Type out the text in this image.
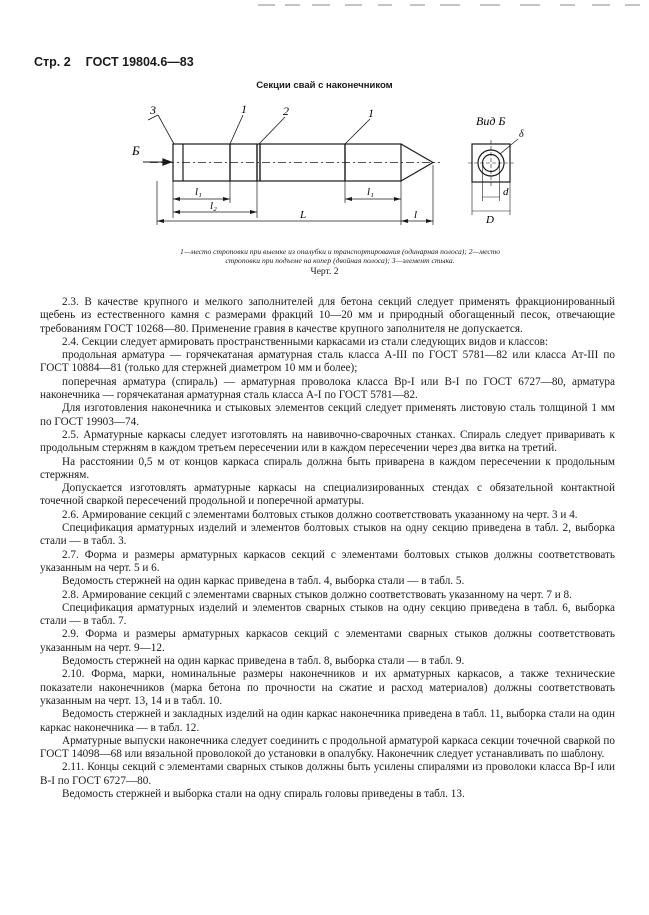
Стр. 2 ГОСТ 19804.6—83
Секции свай с наконечником
3	1	2	1
Б
l₁	l₁
l₂
L	l
Вид Б
δ
d
D
1—место строповки при выемке из опалубки и транспортирования (одинарная полоса); 2—место
строповки при подъеме на копер (двойная полоса); 3—элемент стыка.
Черт. 2

2.3. В качестве крупного и мелкого заполнителей для бетона секций следует применять фракционированный щебень из естественного камня с размерами фракций 10—20 мм и природный обогащенный песок, отвечающие требованиям ГОСТ 10268—80. Применение гравия в качестве крупного заполнителя не допускается.

2.4. Секции следует армировать пространственными каркасами из стали следующих видов и классов:

продольная арматура — горячекатаная арматурная сталь класса А-III по ГОСТ 5781—82 или класса Ат-III по ГОСТ 10884—81 (только для стержней диаметром 10 мм и более);

поперечная арматура (спираль) — арматурная проволока класса Вр-I или В-I по ГОСТ 6727—80, арматура наконечника — горячекатаная арматурная сталь класса А-I по ГОСТ 5781—82.

Для изготовления наконечника и стыковых элементов секций следует применять листовую сталь толщиной 1 мм по ГОСТ 19903—74.

2.5. Арматурные каркасы следует изготовлять на навивочно-сварочных станках. Спираль следует приваривать к продольным стержням в каждом третьем пересечении или в каждом пересечении через два витка на третий.

На расстоянии 0,5 м от концов каркаса спираль должна быть приварена в каждом пересечении к продольным стержням.

Допускается изготовлять арматурные каркасы на специализированных стендах с обязательной контактной точечной сваркой пересечений продольной и поперечной арматуры.

2.6. Армирование секций с элементами болтовых стыков должно соответствовать указанному на черт. 3 и 4.

Спецификация арматурных изделий и элементов болтовых стыков на одну секцию приведена в табл. 2, выборка стали — в табл. 3.

2.7. Форма и размеры арматурных каркасов секций с элементами болтовых стыков должны соответствовать указанным на черт. 5 и 6.

Ведомость стержней на один каркас приведена в табл. 4, выборка стали — в табл. 5.

2.8. Армирование секций с элементами сварных стыков должно соответствовать указанному на черт. 7 и 8.

Спецификация арматурных изделий и элементов сварных стыков на одну секцию приведена в табл. 6, выборка стали — в табл. 7.

2.9. Форма и размеры арматурных каркасов секций с элементами сварных стыков должны соответствовать указанным на черт. 9—12.

Ведомость стержней на один каркас приведена в табл. 8, выборка стали — в табл. 9.

2.10. Форма, марки, номинальные размеры наконечников и их арматурных каркасов, а также технические показатели наконечников (марка бетона по прочности на сжатие и расход материалов) должны соответствовать указанным на черт. 13, 14 и в табл. 10.

Ведомость стержней и закладных изделий на один каркас наконечника приведена в табл. 11, выборка стали на один каркас наконечника — в табл. 12.

Арматурные выпуски наконечника следует соединить с продольной арматурой каркаса секции точечной сваркой по ГОСТ 14098—68 или вязальной проволокой до установки в опалубку. Наконечник следует устанавливать по шаблону.

2.11. Концы секций с элементами сварных стыков должны быть усилены спиралями из проволоки класса Вр-I или В-I по ГОСТ 6727—80.

Ведомость стержней и выборка стали на одну спираль головы приведены в табл. 13.
